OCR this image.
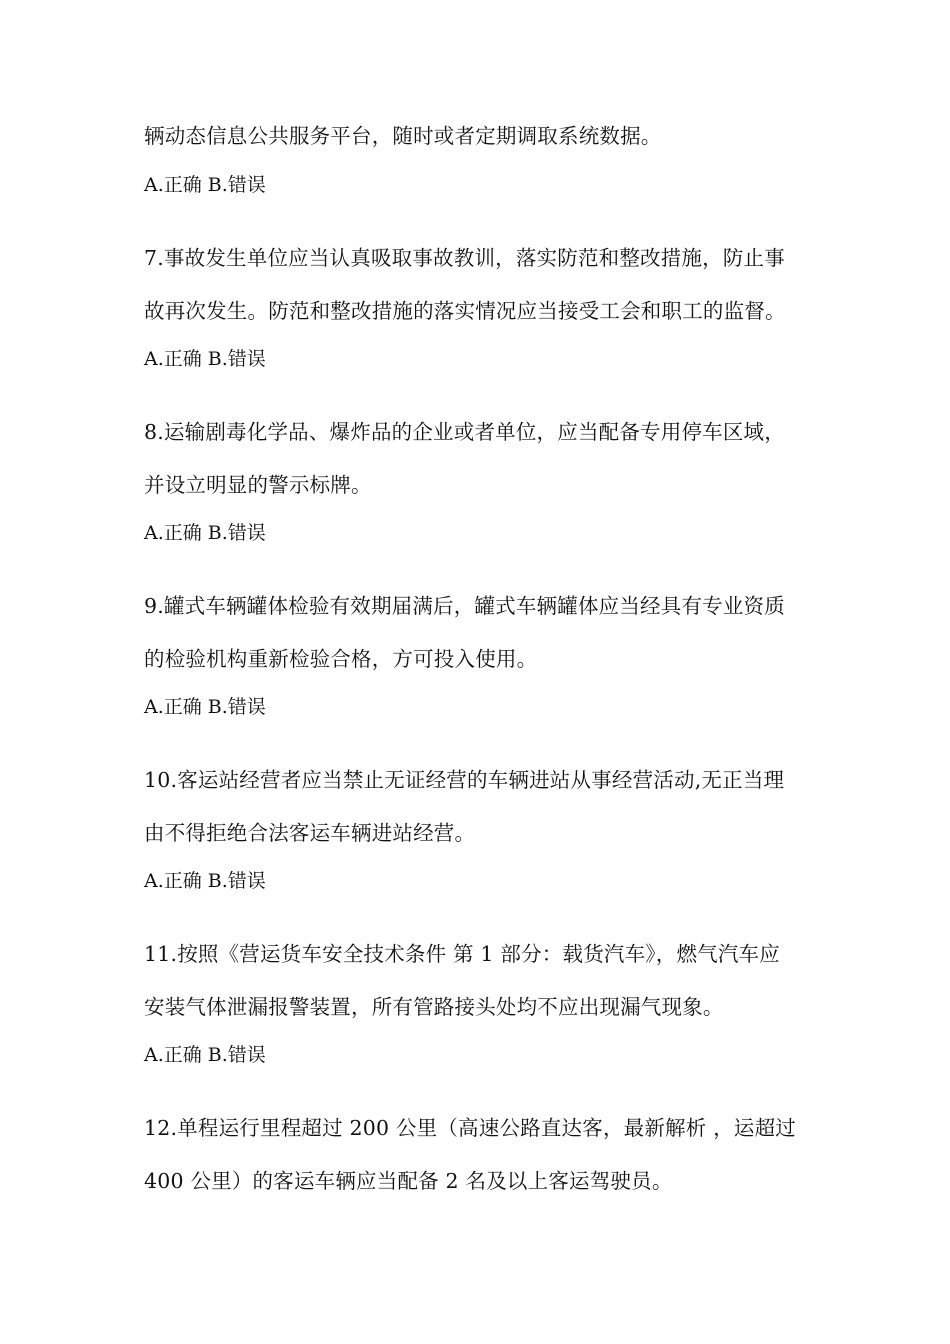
辆动态信息公共服务平台，随时或者定期调取系统数据。
A.正确 B.错误
7.事故发生单位应当认真吸取事故教训，落实防范和整改措施，防止事
故再次发生。防范和整改措施的落实情况应当接受工会和职工的监督。
A.正确 B.错误
8.运输剧毒化学品、爆炸品的企业或者单位，应当配备专用停车区域，
并设立明显的警示标牌。
A.正确 B.错误
9.罐式车辆罐体检验有效期届满后，罐式车辆罐体应当经具有专业资质
的检验机构重新检验合格，方可投入使用。
A.正确 B.错误
10.客运站经营者应当禁止无证经营的车辆进站从事经营活动,无正当理
由不得拒绝合法客运车辆进站经营。
A.正确 B.错误
11.按照《营运货车安全技术条件 第 1 部分：载货汽车》，燃气汽车应
安装气体泄漏报警装置，所有管路接头处均不应出现漏气现象。
A.正确 B.错误
12.单程运行里程超过 200 公里（高速公路直达客，最新解析 ，运超过
400 公里）的客运车辆应当配备 2 名及以上客运驾驶员。
